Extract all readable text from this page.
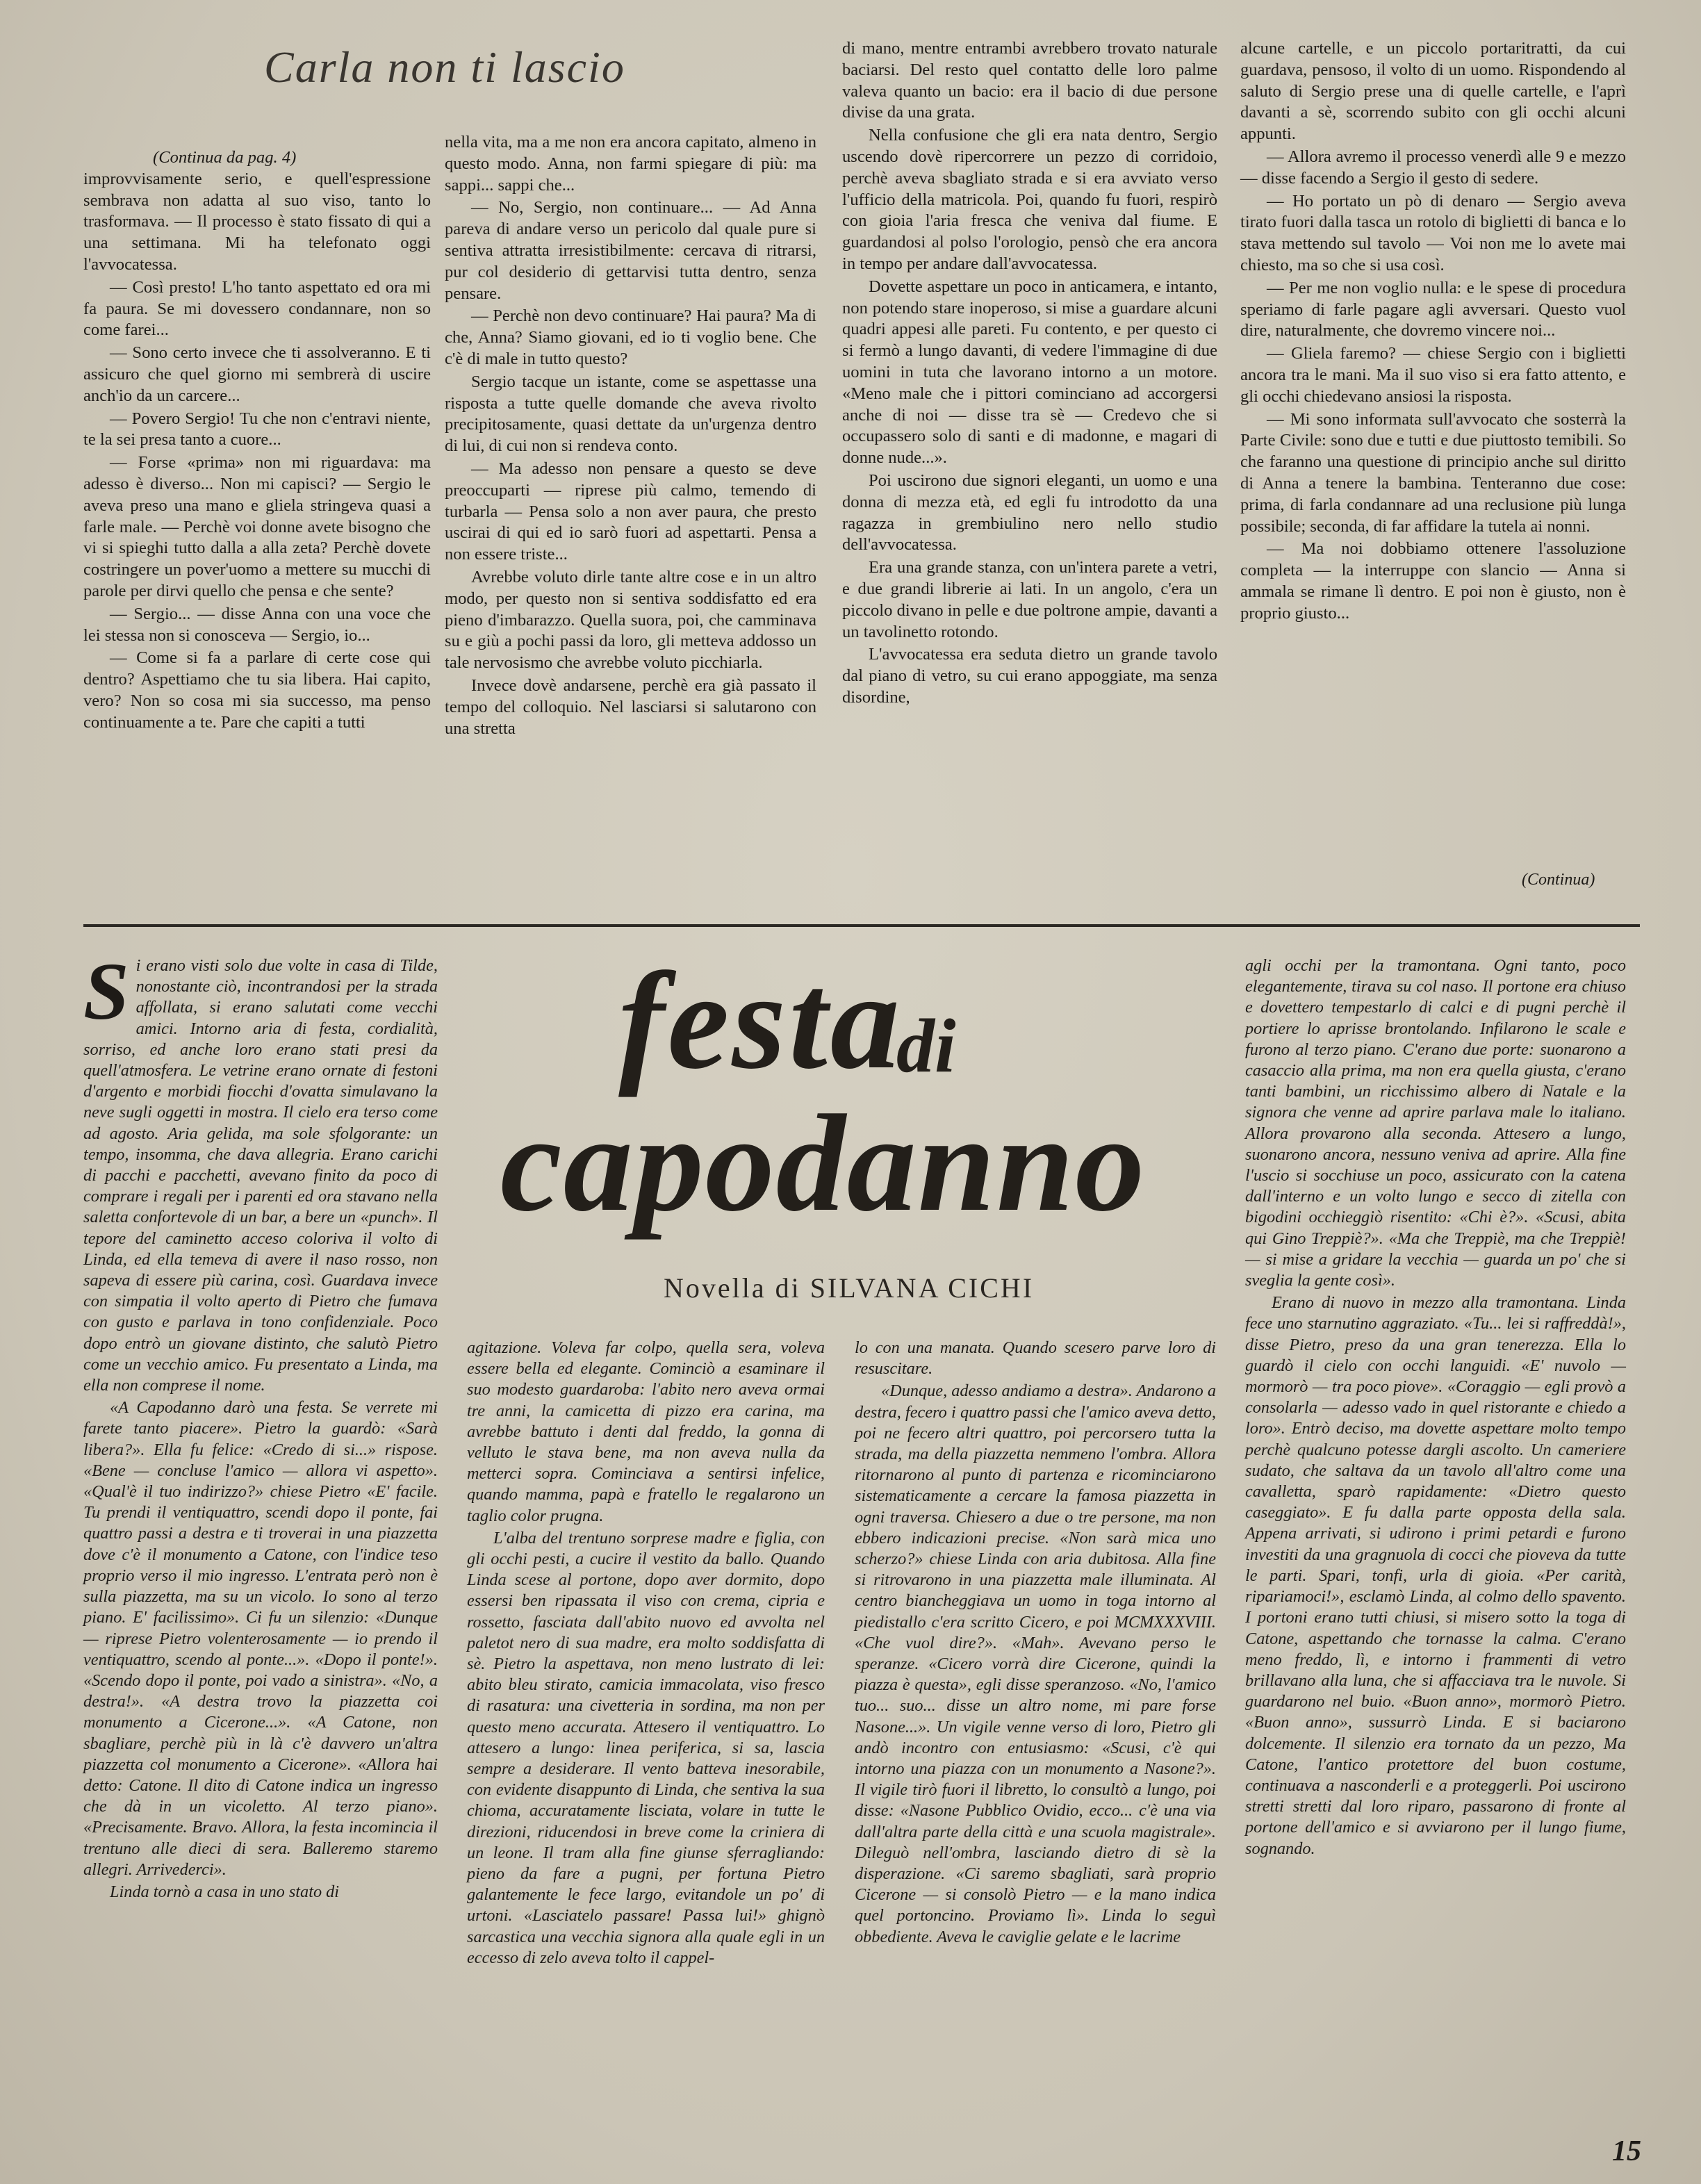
Carla non ti lascio
(Continua da pag. 4)

improvvisamente serio, e quell'espressione sembrava non adatta al suo viso, tanto lo trasformava. — Il processo è stato fissato di qui a una settimana. Mi ha telefonato oggi l'avvocatessa.

— Così presto! L'ho tanto aspettato ed ora mi fa paura. Se mi dovessero condannare, non so come farei...

— Sono certo invece che ti assolveranno. E ti assicuro che quel giorno mi sembrerà di uscire anch'io da un carcere...

— Povero Sergio! Tu che non c'entravi niente, te la sei presa tanto a cuore...

— Forse «prima» non mi riguardava: ma adesso è diverso... Non mi capisci? — Sergio le aveva preso una mano e gliela stringeva quasi a farle male. — Perchè voi donne avete bisogno che vi si spieghi tutto dalla a alla zeta? Perchè dovete costringere un pover'uomo a mettere su mucchi di parole per dirvi quello che pensa e che sente?

— Sergio... — disse Anna con una voce che lei stessa non si conosceva — Sergio, io...

— Come si fa a parlare di certe cose qui dentro? Aspettiamo che tu sia libera. Hai capito, vero? Non so cosa mi sia successo, ma penso continuamente a te. Pare che capiti a tutti

nella vita, ma a me non era ancora capitato, almeno in questo modo. Anna, non farmi spiegare di più: ma sappi... sappi che...

— No, Sergio, non continuare... — Ad Anna pareva di andare verso un pericolo dal quale pure si sentiva attratta irresistibilmente: cercava di ritrarsi, pur col desiderio di gettarvisi tutta dentro, senza pensare.

— Perchè non devo continuare? Hai paura? Ma di che, Anna? Siamo giovani, ed io ti voglio bene. Che c'è di male in tutto questo?

Sergio tacque un istante, come se aspettasse una risposta a tutte quelle domande che aveva rivolto precipitosamente, quasi dettate da un'urgenza dentro di lui, di cui non si rendeva conto.

— Ma adesso non pensare a questo se deve preoccuparti — riprese più calmo, temendo di turbarla — Pensa solo a non aver paura, che presto uscirai di qui ed io sarò fuori ad aspettarti. Pensa a non essere triste...

Avrebbe voluto dirle tante altre cose e in un altro modo, per questo non si sentiva soddisfatto ed era pieno d'imbarazzo. Quella suora, poi, che camminava su e giù a pochi passi da loro, gli metteva addosso un tale nervosismo che avrebbe voluto picchiarla.

Invece dovè andarsene, perchè era già passato il tempo del colloquio. Nel lasciarsi si salutarono con una stretta

di mano, mentre entrambi avrebbero trovato naturale baciarsi. Del resto quel contatto delle loro palme valeva quanto un bacio: era il bacio di due persone divise da una grata.

Nella confusione che gli era nata dentro, Sergio uscendo dovè ripercorrere un pezzo di corridoio, perchè aveva sbagliato strada e si era avviato verso l'ufficio della matricola. Poi, quando fu fuori, respirò con gioia l'aria fresca che veniva dal fiume. E guardandosi al polso l'orologio, pensò che era ancora in tempo per andare dall'avvocatessa.

Dovette aspettare un poco in anticamera, e intanto, non potendo stare inoperoso, si mise a guardare alcuni quadri appesi alle pareti. Fu contento, e per questo ci si fermò a lungo davanti, di vedere l'immagine di due uomini in tuta che lavorano intorno a un motore. «Meno male che i pittori cominciano ad accorgersi anche di noi — disse tra sè — Credevo che si occupassero solo di santi e di madonne, e magari di donne nude...».

Poi uscirono due signori eleganti, un uomo e una donna di mezza età, ed egli fu introdotto da una ragazza in grembiulino nero nello studio dell'avvocatessa.

Era una grande stanza, con un'intera parete a vetri, e due grandi librerie ai lati. In un angolo, c'era un piccolo divano in pelle e due poltrone ampie, davanti a un tavolinetto rotondo.

L'avvocatessa era seduta dietro un grande tavolo dal piano di vetro, su cui erano appoggiate, ma senza disordine,

alcune cartelle, e un piccolo portaritratti, da cui guardava, pensoso, il volto di un uomo. Rispondendo al saluto di Sergio prese una di quelle cartelle, e l'aprì davanti a sè, scorrendo subito con gli occhi alcuni appunti.

— Allora avremo il processo venerdì alle 9 e mezzo — disse facendo a Sergio il gesto di sedere.

— Ho portato un pò di denaro — Sergio aveva tirato fuori dalla tasca un rotolo di biglietti di banca e lo stava mettendo sul tavolo — Voi non me lo avete mai chiesto, ma so che si usa così.

— Per me non voglio nulla: e le spese di procedura speriamo di farle pagare agli avversari. Questo vuol dire, naturalmente, che dovremo vincere noi...

— Gliela faremo? — chiese Sergio con i biglietti ancora tra le mani. Ma il suo viso si era fatto attento, e gli occhi chiedevano ansiosi la risposta.

— Mi sono informata sull'avvocato che sosterrà la Parte Civile: sono due e tutti e due piuttosto temibili. So che faranno una questione di principio anche sul diritto di Anna a tenere la bambina. Tenteranno due cose: prima, di farla condannare ad una reclusione più lunga possibile; seconda, di far affidare la tutela ai nonni.

— Ma noi dobbiamo ottenere l'assoluzione completa — la interruppe con slancio — Anna si ammala se rimane lì dentro. E poi non è giusto, non è proprio giusto...

(Continua)
festa
di
capodanno
Novella di SILVANA CICHI

Si erano visti solo due volte in casa di Tilde, nonostante ciò, incontrandosi per la strada affollata, si erano salutati come vecchi amici. Intorno aria di festa, cordialità, sorriso, ed anche loro erano stati presi da quell'atmosfera. Le vetrine erano ornate di festoni d'argento e morbidi fiocchi d'ovatta simulavano la neve sugli oggetti in mostra. Il cielo era terso come ad agosto. Aria gelida, ma sole sfolgorante: un tempo, insomma, che dava allegria. Erano carichi di pacchi e pacchetti, avevano finito da poco di comprare i regali per i parenti ed ora stavano nella saletta confortevole di un bar, a bere un «punch». Il tepore del caminetto acceso coloriva il volto di Linda, ed ella temeva di avere il naso rosso, non sapeva di essere più carina, così. Guardava invece con simpatia il volto aperto di Pietro che fumava con gusto e parlava in tono confidenziale. Poco dopo entrò un giovane distinto, che salutò Pietro come un vecchio amico. Fu presentato a Linda, ma ella non comprese il nome.

«A Capodanno darò una festa. Se verrete mi farete tanto piacere». Pietro la guardò: «Sarà libera?». Ella fu felice: «Credo di si...» rispose. «Bene — concluse l'amico — allora vi aspetto». «Qual'è il tuo indirizzo?» chiese Pietro «E' facile. Tu prendi il ventiquattro, scendi dopo il ponte, fai quattro passi a destra e ti troverai in una piazzetta dove c'è il monumento a Catone, con l'indice teso proprio verso il mio ingresso. L'entrata però non è sulla piazzetta, ma su un vicolo. Io sono al terzo piano. E' facilissimo». Ci fu un silenzio: «Dunque — riprese Pietro volenterosamente — io prendo il ventiquattro, scendo al ponte...». «Dopo il ponte!». «Scendo dopo il ponte, poi vado a sinistra». «No, a destra!». «A destra trovo la piazzetta coi monumento a Cicerone...». «A Catone, non sbagliare, perchè più in là c'è davvero un'altra piazzetta col monumento a Cicerone». «Allora hai detto: Catone. Il dito di Catone indica un ingresso che dà in un vicoletto. Al terzo piano». «Precisamente. Bravo. Allora, la festa incomincia il trentuno alle dieci di sera. Balleremo staremo allegri. Arrivederci».

Linda tornò a casa in uno stato di

agitazione. Voleva far colpo, quella sera, voleva essere bella ed elegante. Cominciò a esaminare il suo modesto guardaroba: l'abito nero aveva ormai tre anni, la camicetta di pizzo era carina, ma avrebbe battuto i denti dal freddo, la gonna di velluto le stava bene, ma non aveva nulla da metterci sopra. Cominciava a sentirsi infelice, quando mamma, papà e fratello le regalarono un taglio color prugna.

L'alba del trentuno sorprese madre e figlia, con gli occhi pesti, a cucire il vestito da ballo. Quando Linda scese al portone, dopo aver dormito, dopo essersi ben ripassata il viso con crema, cipria e rossetto, fasciata dall'abito nuovo ed avvolta nel paletot nero di sua madre, era molto soddisfatta di sè. Pietro la aspettava, non meno lustrato di lei: abito bleu stirato, camicia immacolata, viso fresco di rasatura: una civetteria in sordina, ma non per questo meno accurata. Attesero il ventiquattro. Lo attesero a lungo: linea periferica, si sa, lascia sempre a desiderare. Il vento batteva inesorabile, con evidente disappunto di Linda, che sentiva la sua chioma, accuratamente lisciata, volare in tutte le direzioni, riducendosi in breve come la criniera di un leone. Il tram alla fine giunse sferragliando: pieno da fare a pugni, per fortuna Pietro galantemente le fece largo, evitandole un po' di urtoni. «Lasciatelo passare! Passa lui!» ghignò sarcastica una vecchia signora alla quale egli in un eccesso di zelo aveva tolto il cappel-

lo con una manata. Quando scesero parve loro di resuscitare.

«Dunque, adesso andiamo a destra». Andarono a destra, fecero i quattro passi che l'amico aveva detto, poi ne fecero altri quattro, poi percorsero tutta la strada, ma della piazzetta nemmeno l'ombra. Allora ritornarono al punto di partenza e ricominciarono sistematicamente a cercare la famosa piazzetta in ogni traversa. Chiesero a due o tre persone, ma non ebbero indicazioni precise. «Non sarà mica uno scherzo?» chiese Linda con aria dubitosa. Alla fine si ritrovarono in una piazzetta male illuminata. Al centro biancheggiava un uomo in toga intorno al piedistallo c'era scritto Cicero, e poi MCMXXXVIII. «Che vuol dire?». «Mah». Avevano perso le speranze. «Cicero vorrà dire Cicerone, quindi la piazza è questa», egli disse speranzoso. «No, l'amico tuo... suo... disse un altro nome, mi pare forse Nasone...». Un vigile venne verso di loro, Pietro gli andò incontro con entusiasmo: «Scusi, c'è qui intorno una piazza con un monumento a Nasone?». Il vigile tirò fuori il libretto, lo consultò a lungo, poi disse: «Nasone Pubblico Ovidio, ecco... c'è una via dall'altra parte della città e una scuola magistrale». Dileguò nell'ombra, lasciando dietro di sè la disperazione. «Ci saremo sbagliati, sarà proprio Cicerone — si consolò Pietro — e la mano indica quel portoncino. Proviamo lì». Linda lo seguì obbediente. Aveva le caviglie gelate e le lacrime

agli occhi per la tramontana. Ogni tanto, poco elegantemente, tirava su col naso. Il portone era chiuso e dovettero tempestarlo di calci e di pugni perchè il portiere lo aprisse brontolando. Infilarono le scale e furono al terzo piano. C'erano due porte: suonarono a casaccio alla prima, ma non era quella giusta, c'erano tanti bambini, un ricchissimo albero di Natale e la signora che venne ad aprire parlava male lo italiano. Allora provarono alla seconda. Attesero a lungo, suonarono ancora, nessuno veniva ad aprire. Alla fine l'uscio si socchiuse un poco, assicurato con la catena dall'interno e un volto lungo e secco di zitella con bigodini occhieggiò risentito: «Chi è?». «Scusi, abita qui Gino Treppiè?». «Ma che Treppiè, ma che Treppiè! — si mise a gridare la vecchia — guarda un po' che si sveglia la gente così».

Erano di nuovo in mezzo alla tramontana. Linda fece uno starnutino aggraziato. «Tu... lei si raffreddà!», disse Pietro, preso da una gran tenerezza. Ella lo guardò il cielo con occhi languidi. «E' nuvolo — mormorò — tra poco piove». «Coraggio — egli provò a consolarla — adesso vado in quel ristorante e chiedo a loro». Entrò deciso, ma dovette aspettare molto tempo perchè qualcuno potesse dargli ascolto. Un cameriere sudato, che saltava da un tavolo all'altro come una cavalletta, sparò rapidamente: «Dietro questo caseggiato». E fu dalla parte opposta della sala. Appena arrivati, si udirono i primi petardi e furono investiti da una gragnuola di cocci che pioveva da tutte le parti. Spari, tonfi, urla di gioia. «Per carità, ripariamoci!», esclamò Linda, al colmo dello spavento. I portoni erano tutti chiusi, si misero sotto la toga di Catone, aspettando che tornasse la calma. C'erano meno freddo, lì, e intorno i frammenti di vetro brillavano alla luna, che si affacciava tra le nuvole. Si guardarono nel buio. «Buon anno», mormorò Pietro. «Buon anno», sussurrò Linda. E si baciarono dolcemente. Il silenzio era tornato da un pezzo, Ma Catone, l'antico protettore del buon costume, continuava a nasconderli e a proteggerli. Poi uscirono stretti stretti dal loro riparo, passarono di fronte al portone dell'amico e si avviarono per il lungo fiume, sognando.

15
